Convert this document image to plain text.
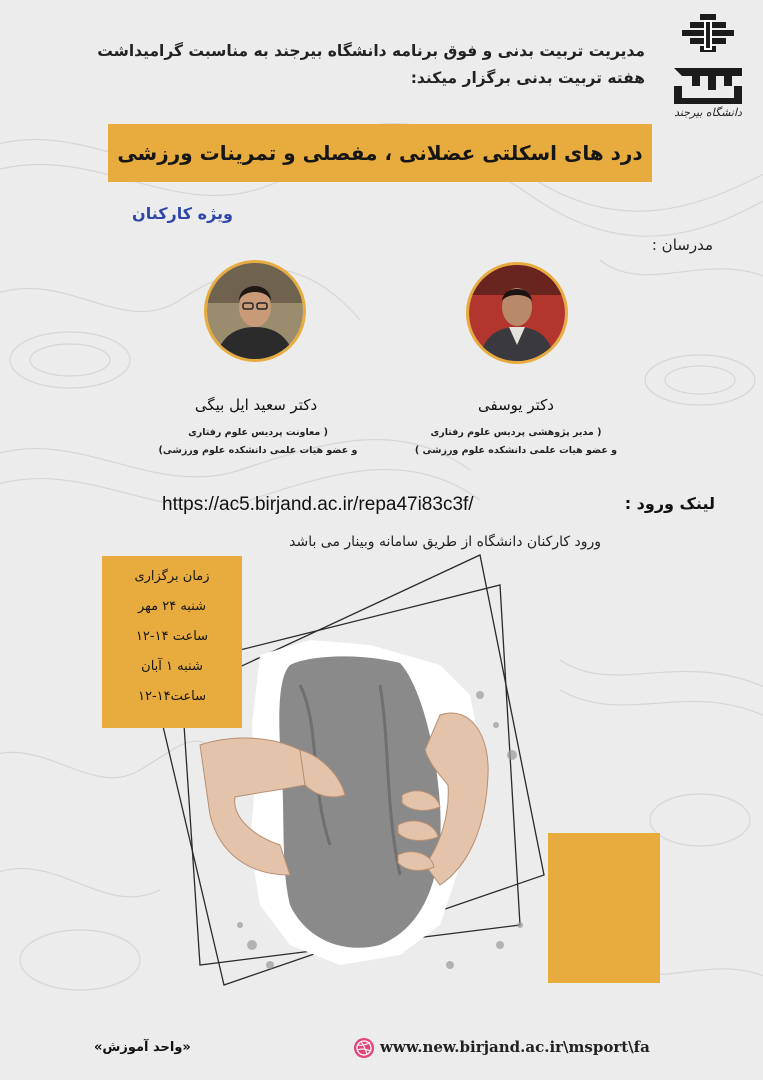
دانشگاه بیرجند
مدیریت تربیت بدنی و فوق برنامه دانشگاه بیرجند به مناسبت گرامیداشت
هفته تربیت بدنی برگزار میکند:
درد های اسکلتی عضلانی ، مفصلی و تمرینات ورزشی
ویژه کارکنان
مدرسان :
دکتر یوسفی
( مدیر پژوهشی پردیس علوم رفتاری
و عضو هیات علمی دانشکده علوم ورزشی )
دکتر سعید ایل بیگی
( معاونت پردیس علوم رفتاری
و عضو هیات علمی دانشکده علوم ورزشی)
لینک ورود :
https://ac5.birjand.ac.ir/repa47i83c3f/
ورود کارکنان دانشگاه از طریق سامانه وبینار می باشد
زمان برگزاری
شنبه ۲۴ مهر
ساعت ۱۴-۱۲
شنبه ۱ آبان
ساعت۱۴-۱۲
www.new.birjand.ac.ir\msport\fa
«واحد آموزش»
